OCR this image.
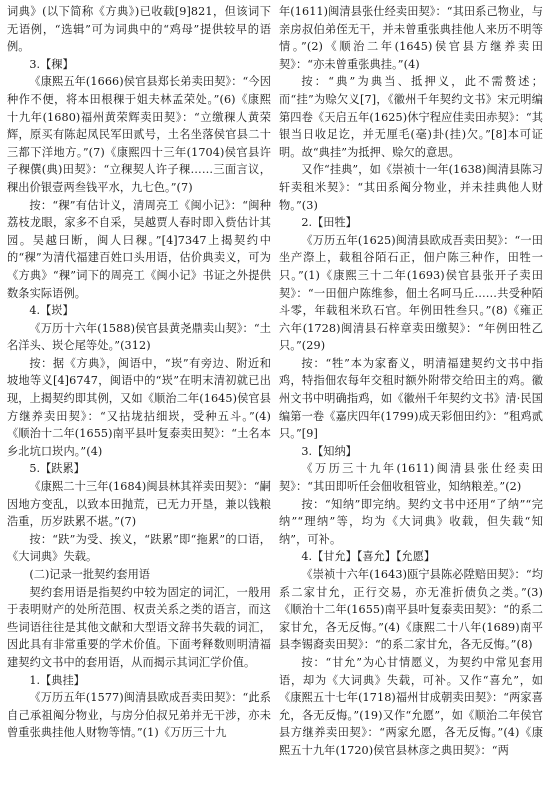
词典》(以下简称《方典》)已收载[9]821，但该词下无语例，“选辑”可为词典中的“鸡母”提供较早的语例。

3.【稞】

《康熙五年(1666)侯官县郑长弟卖田契》：“今因种作不便，将本田根稞于姐夫林孟荣处。”(6)《康熙十九年(1680)福州黄荣辉卖田契》：“立缴稞人黄荣辉，原买有陈起凤民军田贰号，土名坐落侯官县二十三都下洋地方。”(7)《康熙四十三年(1704)侯官县许子稞僎(典)田契》：“立稞契人许子稞……三面言议，稞出价银壹两叁钱平水，九七色。”(7)

按：“稞”有估计义，清周亮工《闽小记》：“闽种荔枝龙眼，家多不自采，吴越贾人春时即入赀估计其园。吴越曰断，闽人曰稞。”[4]7347上揭契约中的“稞”为清代福建百姓口头用语，估价典卖义，可为《方典》“稞”词下的周亮工《闽小记》书证之外提供数条实际语例。

4.【崁】

《万历十六年(1588)侯官县黄尧鼎卖山契》：“土名洋头、崁仑尾等处。”(312)

按：据《方典》，闽语中，“崁”有旁边、附近和坡地等义[4]6747，闽语中的“崁”在明末清初就已出现，上揭契约即其例，又如《顺治二年(1645)侯官县方继养卖田契》：“又拈垅拈细崁，受种五斗。”(4)《顺治十二年(1655)南平县叶复泰卖田契》：“土名本乡北坑口崁内。”(4)

5.【趺累】

《康熙二十三年(1684)闽县林其祥卖田契》：“嗣因地方变乱，以致本田抛荒，已无力开垦，兼以钱粮浩重，历岁趺累不堪。”(7)

按：“趺”为受、挨义，“趺累”即“拖累”的口语，《大词典》失载。

(二)记录一批契约套用语

契约套用语是指契约中较为固定的词汇，一般用于表明财产的处所范围、权责关系之类的语言，而这些词语往往是其他文献和大型语文辞书失载的词汇，因此具有非常重要的学术价值。下面考释数则明清福建契约文书中的套用语，从而揭示其词汇学价值。

1.【典挂】

《万历五年(1577)闽清县欧成吾卖田契》：“此系自己承祖阄分物业，与房分伯叔兄弟并无干涉，亦未曾重张典挂他人财物等情。”(1)《万历三十九

年(1611)闽清县张仕经卖田契》：“其田系己物业，与亲房叔伯弟侄无干，并未曾重张典挂他人来历不明等情。”(2)《顺治二年(1645)侯官县方继养卖田契》：“亦未曾重张典挂。”(4)

按：“典”为典当、抵押义，此不需赘述；而“挂”为赊欠义[7]，《徽州千年契约文书》宋元明编第四卷《天启五年(1625)休宁程应佳卖田赤契》：“其银当日收足讫，并无厘毛(毫)卦(挂)欠。”[8]本可证明。故“典挂”为抵押、赊欠的意思。

又作“挂典”，如《崇祯十一年(1638)闽清县陈习轩卖租米契》：“其田系阄分物业，并未挂典他人财物。”(3)

2.【田牲】

《万历五年(1625)闽清县欧成吾卖田契》：“一田坐产漈上，载租谷陌石正，佃户陈三种作，田牲一只。”(1)《康熙三十二年(1693)侯官县张开子卖田契》：“一田佃户陈维参，佃土名呵马丘……共受种陌斗零，年载租米玖石官。年例田牲叁只。”(8)《雍正六年(1728)闽清县石梓章卖田缴契》：“年例田牲乙只。”(29)

按：“牲”本为家畜义，明清福建契约文书中指鸡，特指佃农每年交租时额外附带交给田主的鸡。徽州文书中明确指鸡，如《徽州千年契约文书》清·民国编第一卷《嘉庆四年(1799)成天彩佃田约》：“租鸡贰只。”[9]

3.【知纳】

《万历三十九年(1611)闽清县张仕经卖田契》：“其田即听任会佃收租管业，知纳粮差。”(2)

按：“知纳”即完纳。契约文书中还用“了纳”“完纳”“理纳”等，均为《大词典》收载，但失载“知纳”，可补。

4.【甘允】【喜允】【允愿】

《崇祯十六年(1643)瓯宁县陈必陞赔田契》：“均系二家甘允，正行交易，亦无准折债负之类。”(3)《顺治十二年(1655)南平县叶复泰卖田契》：“的系二家甘允，各无反悔。”(4)《康熙二十八年(1689)南平县李锡裔卖田契》：“的系二家甘允，各无反悔。”(8)

按：“甘允”为心甘情愿义，为契约中常见套用语，却为《大词典》失载，可补。又作“喜允”，如《康熙五十七年(1718)福州甘成朝卖田契》：“两家喜允，各无反悔。”(19)又作“允愿”，如《顺治二年侯官县方继养卖田契》：“两家允愿，各无反悔。”(4)《康熙五十九年(1720)侯官县林彦之典田契》：“两
